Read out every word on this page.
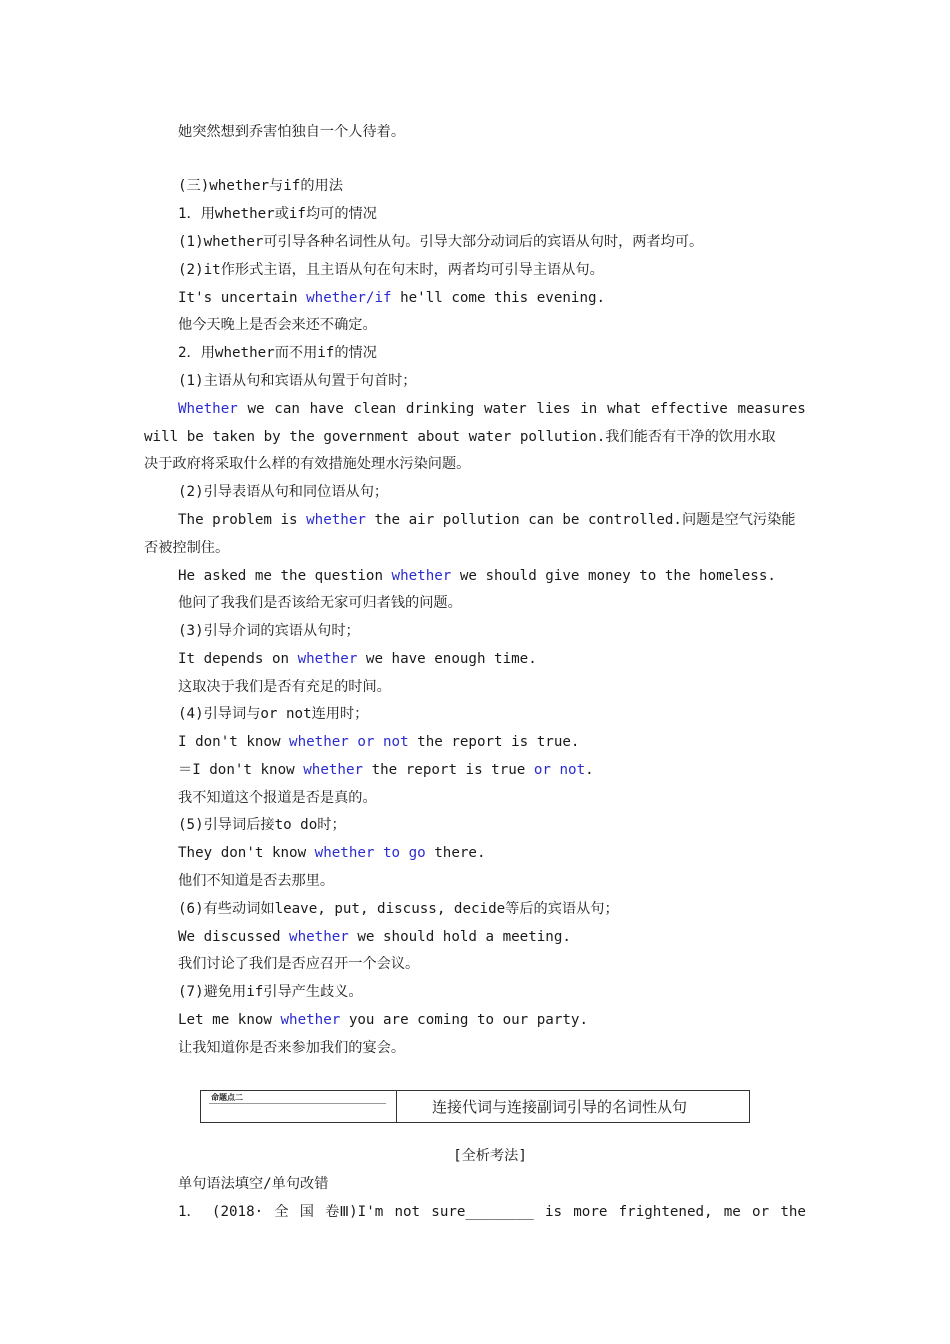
她突然想到乔害怕独自一个人待着。
(三)whether与if的用法
1．用whether或if均可的情况
(1)whether可引导各种名词性从句。引导大部分动词后的宾语从句时，两者均可。
(2)it作形式主语，且主语从句在句末时，两者均可引导主语从句。
It's uncertain whether/if he'll come this evening.
他今天晚上是否会来还不确定。
2．用whether而不用if的情况
(1)主语从句和宾语从句置于句首时；
Whether we can have clean drinking water lies in what effective measures
will be taken by the government about water pollution.我们能否有干净的饮用水取
决于政府将采取什么样的有效措施处理水污染问题。
(2)引导表语从句和同位语从句；
The problem is whether the air pollution can be controlled.问题是空气污染能
否被控制住。
He asked me the question whether we should give money to the homeless.
他问了我我们是否该给无家可归者钱的问题。
(3)引导介词的宾语从句时；
It depends on whether we have enough time.
这取决于我们是否有充足的时间。
(4)引导词与or not连用时；
I don't know whether or not the report is true.
＝I don't know whether the report is true or not.
我不知道这个报道是否是真的。
(5)引导词后接to do时；
They don't know whether to go there.
他们不知道是否去那里。
(6)有些动词如leave, put, discuss, decide等后的宾语从句；
We discussed whether we should hold a meeting.
我们讨论了我们是否应召开一个会议。
(7)避免用if引导产生歧义。
Let me know whether you are coming to our party.
让我知道你是否来参加我们的宴会。
命题点二
连接代词与连接副词引导的名词性从句
[全析考法]
单句语法填空/单句改错
1． (2018· 全 国 卷Ⅲ)I'm not sure________ is more frightened, me or the
